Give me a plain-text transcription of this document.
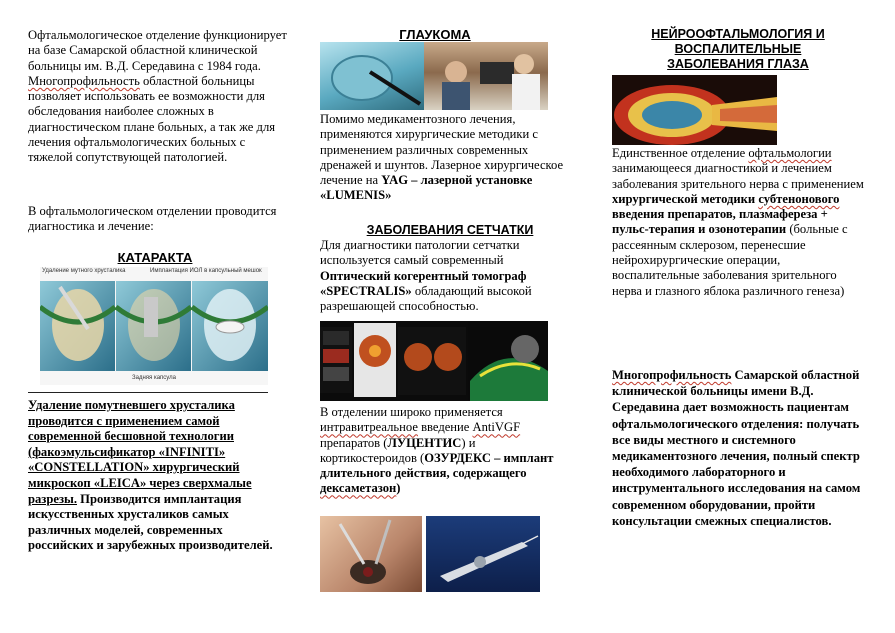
Офтальмологическое отделение функционирует на базе Самарской областной клинической больницы им. В.Д. Середавина с 1984 года. Многопрофильность областной больницы позволяет использовать ее возможности для обследования наиболее сложных в диагностическом плане больных, а так же для лечения офтальмологических больных с тяжелой сопутствующей патологией.
В офтальмологическом отделении проводится диагностика и лечение:
КАТАРАКТА
Удаление мутного хрусталика	Имплантация ИОЛ в капсульный мешок
Задняя капсула
Удаление помутневшего хрусталика проводится с применением самой современной бесшовной технологии (факоэмульсификатор «INFINITI» «CONSTELLATION» хирургический микроскоп «LEICA» через сверхмалые разрезы. Производится имплантация искусственных хрусталиков самых различных моделей, современных российских и зарубежных производителей.
ГЛАУКОМА
Помимо медикаментозного лечения, применяются хирургические методики с применением различных современных дренажей и шунтов. Лазерное хирургическое лечение на YAG – лазерной установке «LUMENIS»
ЗАБОЛЕВАНИЯ СЕТЧАТКИ
Для диагностики патологии сетчатки используется самый современный Оптический когерентный томограф «SPECTRALIS» обладающий высокой разрешающей способностью.
В отделении широко применяется интравитреальное введение AntiVGF препаратов (ЛУЦЕНТИС) и кортикостероидов (ОЗУРДЕКС – имплант длительного действия, содержащего дексаметазон)
НЕЙРООФТАЛЬМОЛОГИЯ И ВОСПАЛИТЕЛЬНЫЕ ЗАБОЛЕВАНИЯ ГЛАЗА
Единственное отделение офтальмологии занимающееся диагностикой и лечением заболевания зрительного нерва с применением хирургической методики субтенонового введения препаратов, плазмафереза + пульс-терапия и озонотерапии (больные с рассеянным склерозом, перенесшие нейрохирургические операции, воспалительные заболевания зрительного нерва и глазного яблока различного генеза)
Многопрофильность Самарской областной клинической больницы имени В.Д. Середавина дает возможность пациентам офтальмологического отделения: получать все виды местного и системного медикаментозного лечения, полный спектр необходимого лабораторного и инструментального исследования на самом современном оборудовании, пройти консультации смежных специалистов.
